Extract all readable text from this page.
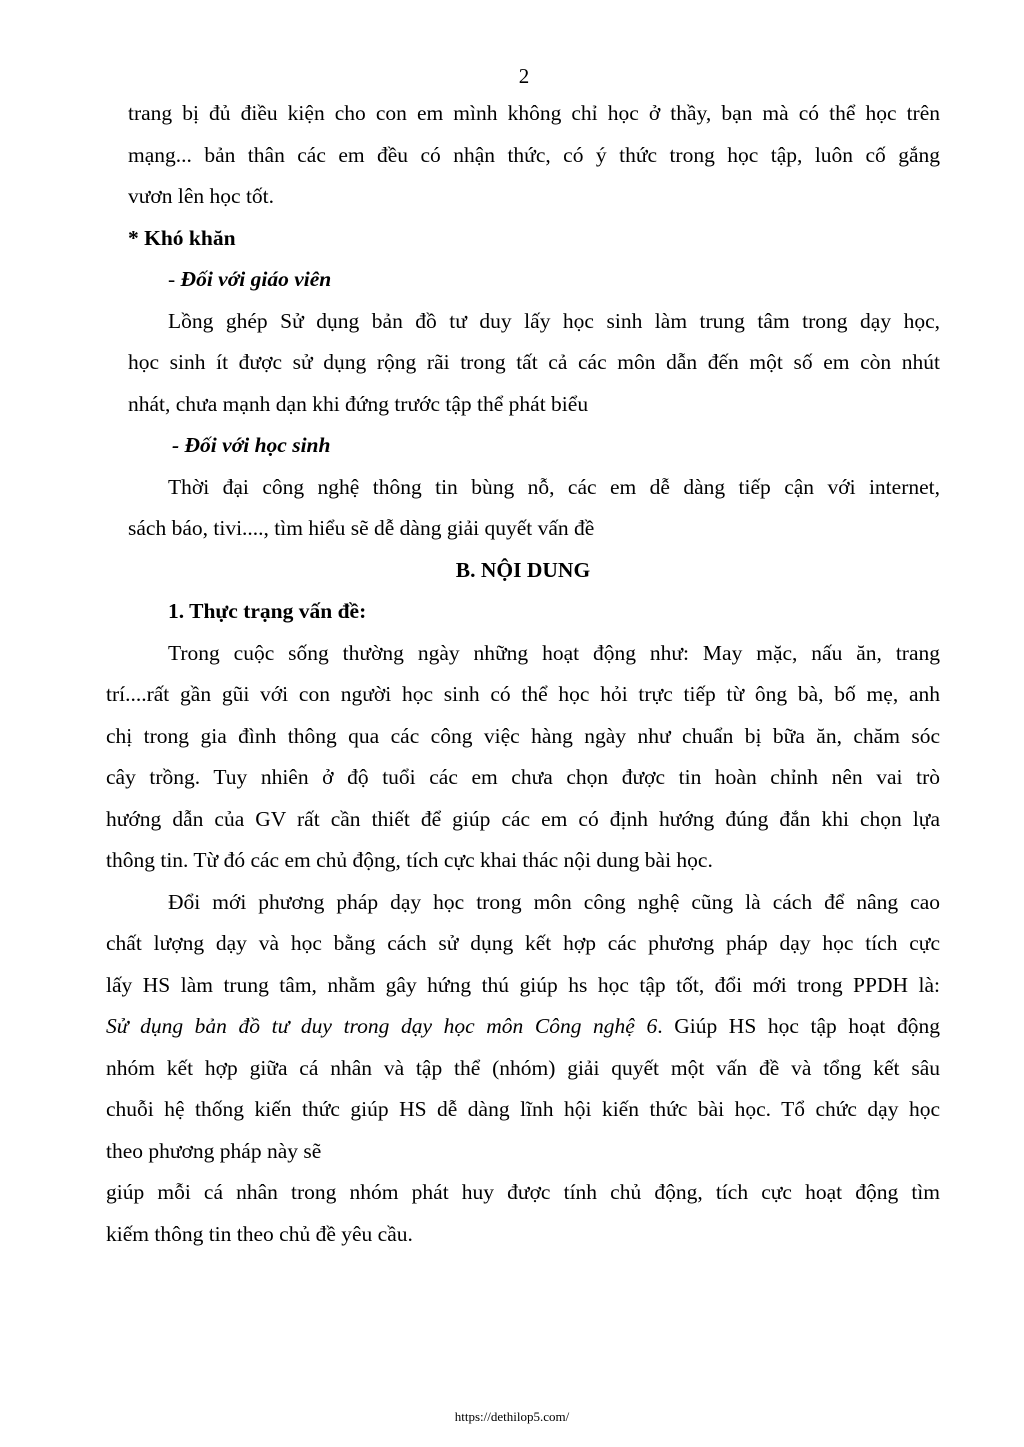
2
trang bị đủ điều kiện cho con em mình không chỉ học ở thầy, bạn mà có thể học trên
mạng... bản thân các em đều có nhận thức, có ý thức trong học tập, luôn cố gắng
vươn lên học tốt.
* Khó khăn
- Đối với giáo viên
Lồng ghép Sử dụng bản đồ tư duy lấy học sinh làm trung tâm trong dạy học,
học sinh ít được sử dụng rộng rãi trong tất cả các môn dẫn đến một số em còn nhút
nhát, chưa mạnh dạn khi đứng trước tập thể phát biểu
- Đối với học sinh
Thời đại công nghệ thông tin bùng nỗ, các em dễ dàng tiếp cận với internet,
sách báo, tivi...., tìm hiểu sẽ dễ dàng giải quyết vấn đề
B. NỘI DUNG
1. Thực trạng vấn đề:
Trong cuộc sống thường ngày những hoạt động như: May mặc, nấu ăn, trang
trí....rất gần gũi với con người học sinh có thể học hỏi trực tiếp từ ông bà, bố mẹ, anh
chị trong gia đình thông qua các công việc hàng ngày như chuẩn bị bữa ăn, chăm sóc
cây trồng. Tuy nhiên ở độ tuổi các em chưa chọn được tin hoàn chỉnh nên vai trò
hướng dẫn của GV rất cần thiết để giúp các em có định hướng đúng đắn khi chọn lựa
thông tin. Từ đó các em chủ động, tích cực khai thác nội dung bài học.
Đổi mới phương pháp dạy học trong môn công nghệ cũng là cách để nâng cao
chất lượng dạy và học bằng cách sử dụng kết hợp các phương pháp dạy học tích cực
lấy HS làm trung tâm, nhằm gây hứng thú giúp hs học tập tốt, đổi mới trong PPDH là:
Sử dụng bản đồ tư duy trong dạy học môn Công nghệ 6. Giúp HS học tập hoạt động
nhóm kết hợp giữa cá nhân và tập thể (nhóm) giải quyết một vấn đề và tổng kết sâu
chuỗi hệ thống kiến thức giúp HS dễ dàng lĩnh hội kiến thức bài học. Tổ chức dạy học
theo phương pháp này sẽ
giúp mỗi cá nhân trong nhóm phát huy được tính chủ động, tích cực hoạt động tìm
kiếm thông tin theo chủ đề yêu cầu.
https://dethilop5.com/
